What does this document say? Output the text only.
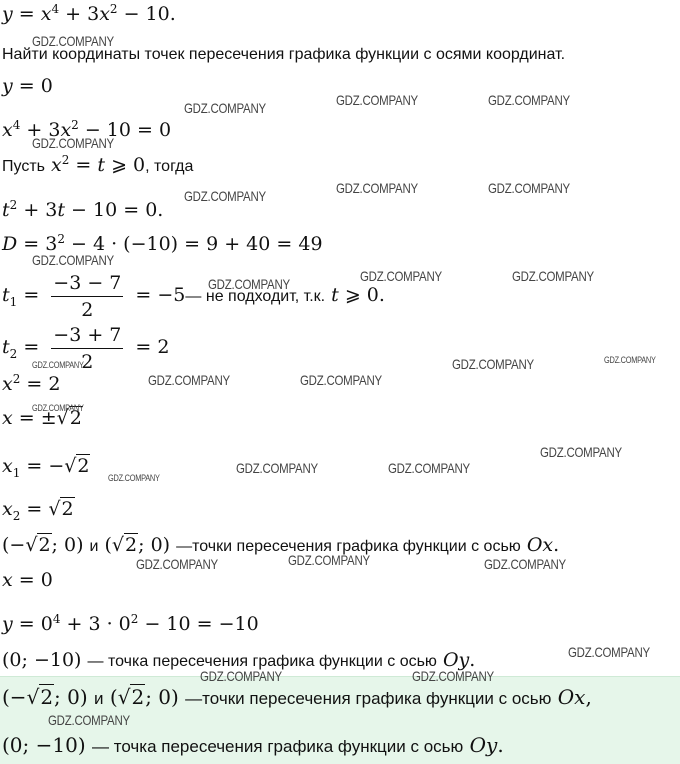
$y = x^4 + 3x^2 - 10$.
Найти координаты точек пересечения графика функции с осями координат.
y = 0
$x^4 + 3x^2 - 10 = 0$
Пусть $x^2 = t$ ⩾ 0, тогда
$t^2 + 3t - 10 = 0$.
$D = 3^2 - 4 \cdot (-10) = 9 + 40 = 49$
$t_1 = \frac{-3 - 7}{2}$ = −5— не подходит, т.к. t ⩾ 0.
$t_2 = \frac{-3 + 7}{2} = 2$
$x^2 = 2$
x = ±√2
$x_1 = -√2$
$x_2 = √2$
(−√2; 0) и (√2; 0) —точки пересечения графика функции с осью Ox.
x = 0
$y = 0^4 + 3 \cdot 0^2 - 10 = -10$
(0; −10) — точка пересечения графика функции с осью Oy.
(−√2; 0) и (√2; 0) —точки пересечения графика функции с осью Ox,
(0; −10) — точка пересечения графика функции с осью Oy.
GDZ.COMPANY
GDZ.COMPANY	GDZ.COMPANY	GDZ.COMPANY
GDZ.COMPANY
GDZ.COMPANY	GDZ.COMPANY	GDZ.COMPANY
GDZ.COMPANY
GDZ.COMPANY	GDZ.COMPANY	GDZ.COMPANY
GDZ.COMPANY
GDZ.COMPANY	GDZ.COMPANY
GDZ.COMPANY	GDZ.COMPANY
GDZ.COMPANY
GDZ.COMPANY
GDZ.COMPANY
GDZ.COMPANY	GDZ.COMPANY
GDZ.COMPANY	GDZ.COMPANY	GDZ.COMPANY
GDZ.COMPANY
GDZ.COMPANY	GDZ.COMPANY
GDZ.COMPANY
